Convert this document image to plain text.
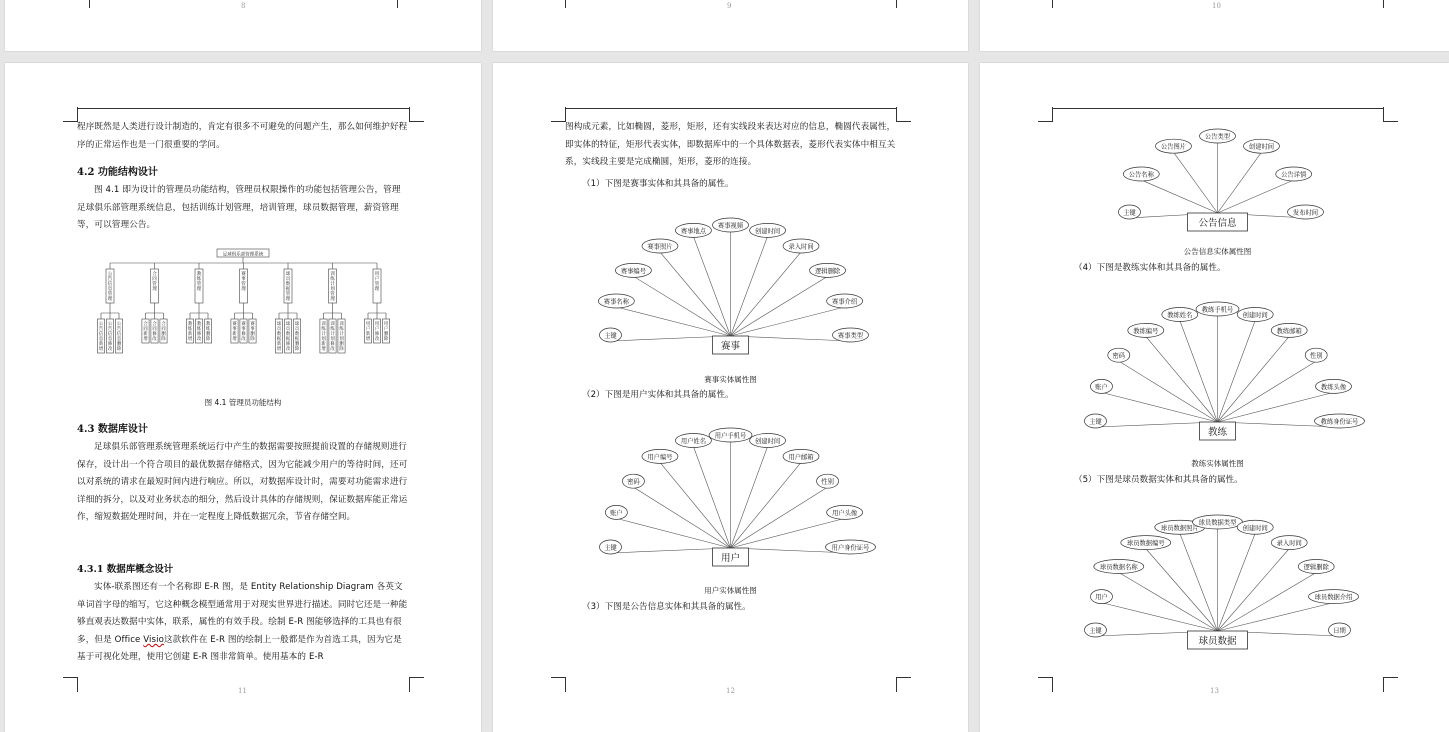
8	9	10
程序既然是人类进行设计制造的，肯定有很多不可避免的问题产生，那么如何维护好程序的正常运作也是一门很重要的学问。
4.2 功能结构设计
图 4.1 即为设计的管理员功能结构，管理员权限操作的功能包括管理公告，管理足球俱乐部管理系统信息，包括训练计划管理，培训管理，球员数据管理，薪资管理等，可以管理公告。
足球俱乐部管理系统
公
告
信
息
管
理
公
告
信
息
新
增
公
告
信
息
修
改
公
告
信
息
删
除
合
同
管
理
合
同
新
增
合
同
修
改
合
同
删
除
教
练
管
理
教
练
新
增
教
练
修
改
教
练
删
除
赛
事
管
理
赛
事
新
增
赛
事
修
改
赛
事
删
除
球
员
数
据
管
理
球
员
数
据
新
增
球
员
数
据
修
改
球
员
数
据
删
除
训
练
计
划
管
理
训
练
计
划
新
增
训
练
计
划
修
改
训
练
计
划
删
除
用
户
管
理
用
户
新
增
用
户
修
改
用
户
删
除
图 4.1 管理员功能结构
4.3 数据库设计
足球俱乐部管理系统管理系统运行中产生的数据需要按照提前设置的存储规则进行保存，设计出一个符合项目的最优数据存储格式，因为它能减少用户的等待时间，还可以对系统的请求在最短时间内进行响应。所以，对数据库设计时，需要对功能需求进行详细的拆分，以及对业务状态的细分，然后设计具体的存储规则，保证数据库能正常运作，缩短数据处理时间，并在一定程度上降低数据冗余，节省存储空间。
4.3.1 数据库概念设计
实体-联系图还有一个名称即 E-R 图，是 Entity Relationship Diagram 各英文单词首字母的缩写，它这种概念模型通常用于对现实世界进行描述。同时它还是一种能够直观表达数据中实体，联系，属性的有效手段。绘制 E-R 图能够选择的工具也有很多，但是 Office Visio这款软件在 E-R 图的绘制上一般都是作为首选工具，因为它是基于可视化处理，使用它创建 E-R 图非常简单。使用基本的 E-R
11
图构成元素，比如椭圆，菱形，矩形，还有实线段来表达对应的信息，椭圆代表属性，即实体的特征，矩形代表实体，即数据库中的一个具体数据表，菱形代表实体中相互关系，实线段主要是完成椭圆，矩形，菱形的连接。
（1）下图是赛事实体和其具备的属性。
主键
赛事名称
赛事编号
赛事照片
赛事地点
赛事视频
创建时间
录入时间
逻辑删除
赛事介绍
赛事类型
赛事
赛事实体属性图
（2）下图是用户实体和其具备的属性。
主键
账户
密码
用户编号
用户姓名
用户手机号
创建时间
用户邮箱
性别
用户头像
用户身份证号
用户
用户实体属性图
（3）下图是公告信息实体和其具备的属性。
12
主键
公告名称
公告图片
公告类型
创建时间
公告详情
发布时间
公告信息
公告信息实体属性图
（4）下图是教练实体和其具备的属性。
主键
账户
密码
教练编号
教练姓名
教练手机号
创建时间
教练邮箱
性别
教练头像
教练身份证号
教练
教练实体属性图
（5）下图是球员数据实体和其具备的属性。
主键
用户
球员数据名称
球员数据编号
球员数据照片
球员数据类型
创建时间
录入时间
逻辑删除
球员数据介绍
日期
球员数据
13
